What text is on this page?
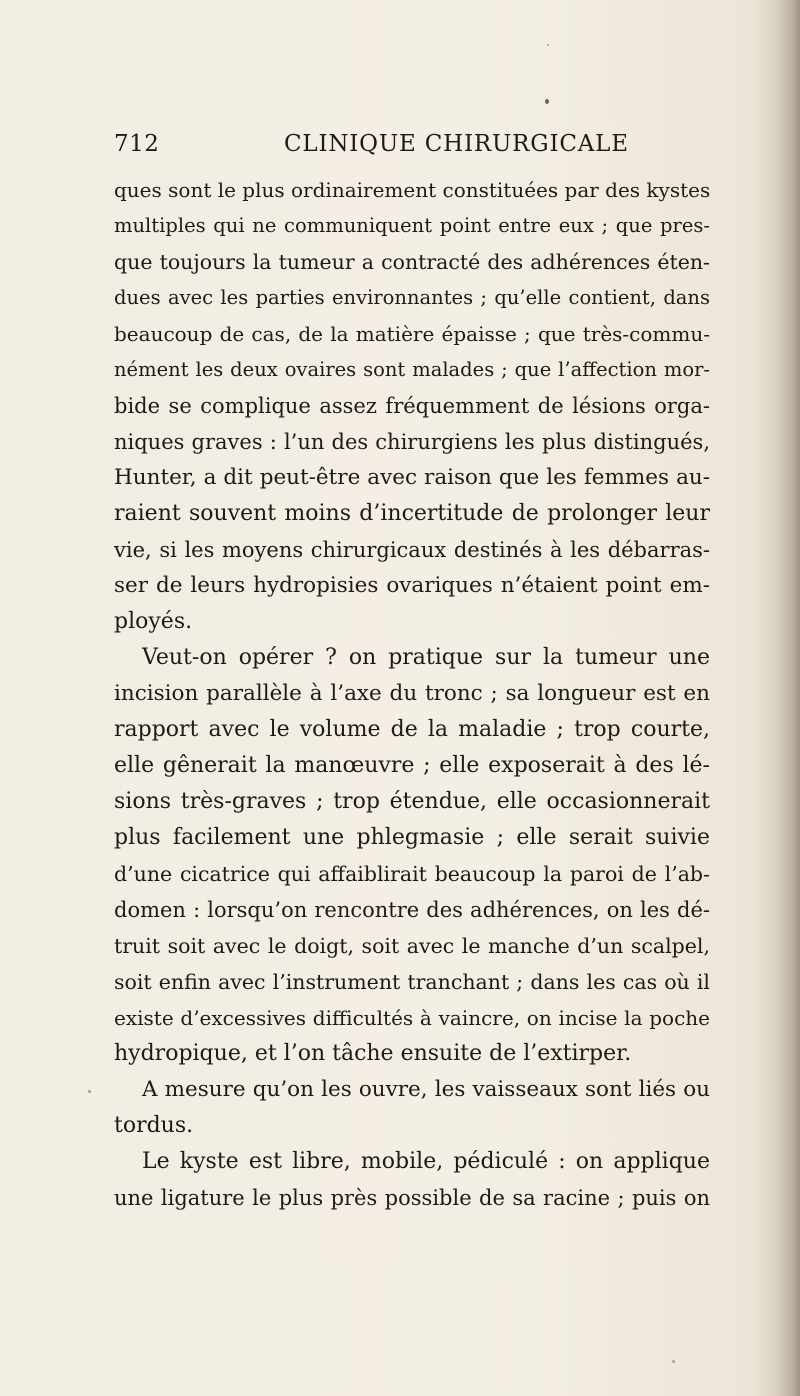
712	CLINIQUE CHIRURGICALE
ques sont le plus ordinairement constituées par des kystes
multiples qui ne communiquent point entre eux ; que pres-
que toujours la tumeur a contracté des adhérences éten-
dues avec les parties environnantes ; qu’elle contient, dans
beaucoup de cas, de la matière épaisse ; que très-commu-
nément les deux ovaires sont malades ; que l’affection mor-
bide se complique assez fréquemment de lésions orga-
niques graves : l’un des chirurgiens les plus distingués,
Hunter, a dit peut-être avec raison que les femmes au-
raient souvent moins d’incertitude de prolonger leur
vie, si les moyens chirurgicaux destinés à les débarras-
ser de leurs hydropisies ovariques n’étaient point em-
ployés.
Veut-on opérer ? on pratique sur la tumeur une
incision parallèle à l’axe du tronc ; sa longueur est en
rapport avec le volume de la maladie ; trop courte,
elle gênerait la manœuvre ; elle exposerait à des lé-
sions très-graves ; trop étendue, elle occasionnerait
plus facilement une phlegmasie ; elle serait suivie
d’une cicatrice qui affaiblirait beaucoup la paroi de l’ab-
domen : lorsqu’on rencontre des adhérences, on les dé-
truit soit avec le doigt, soit avec le manche d’un scalpel,
soit enfin avec l’instrument tranchant ; dans les cas où il
existe d’excessives difficultés à vaincre, on incise la poche
hydropique, et l’on tâche ensuite de l’extirper.
A mesure qu’on les ouvre, les vaisseaux sont liés ou
tordus.
Le kyste est libre, mobile, pédiculé : on applique
une ligature le plus près possible de sa racine ; puis on
